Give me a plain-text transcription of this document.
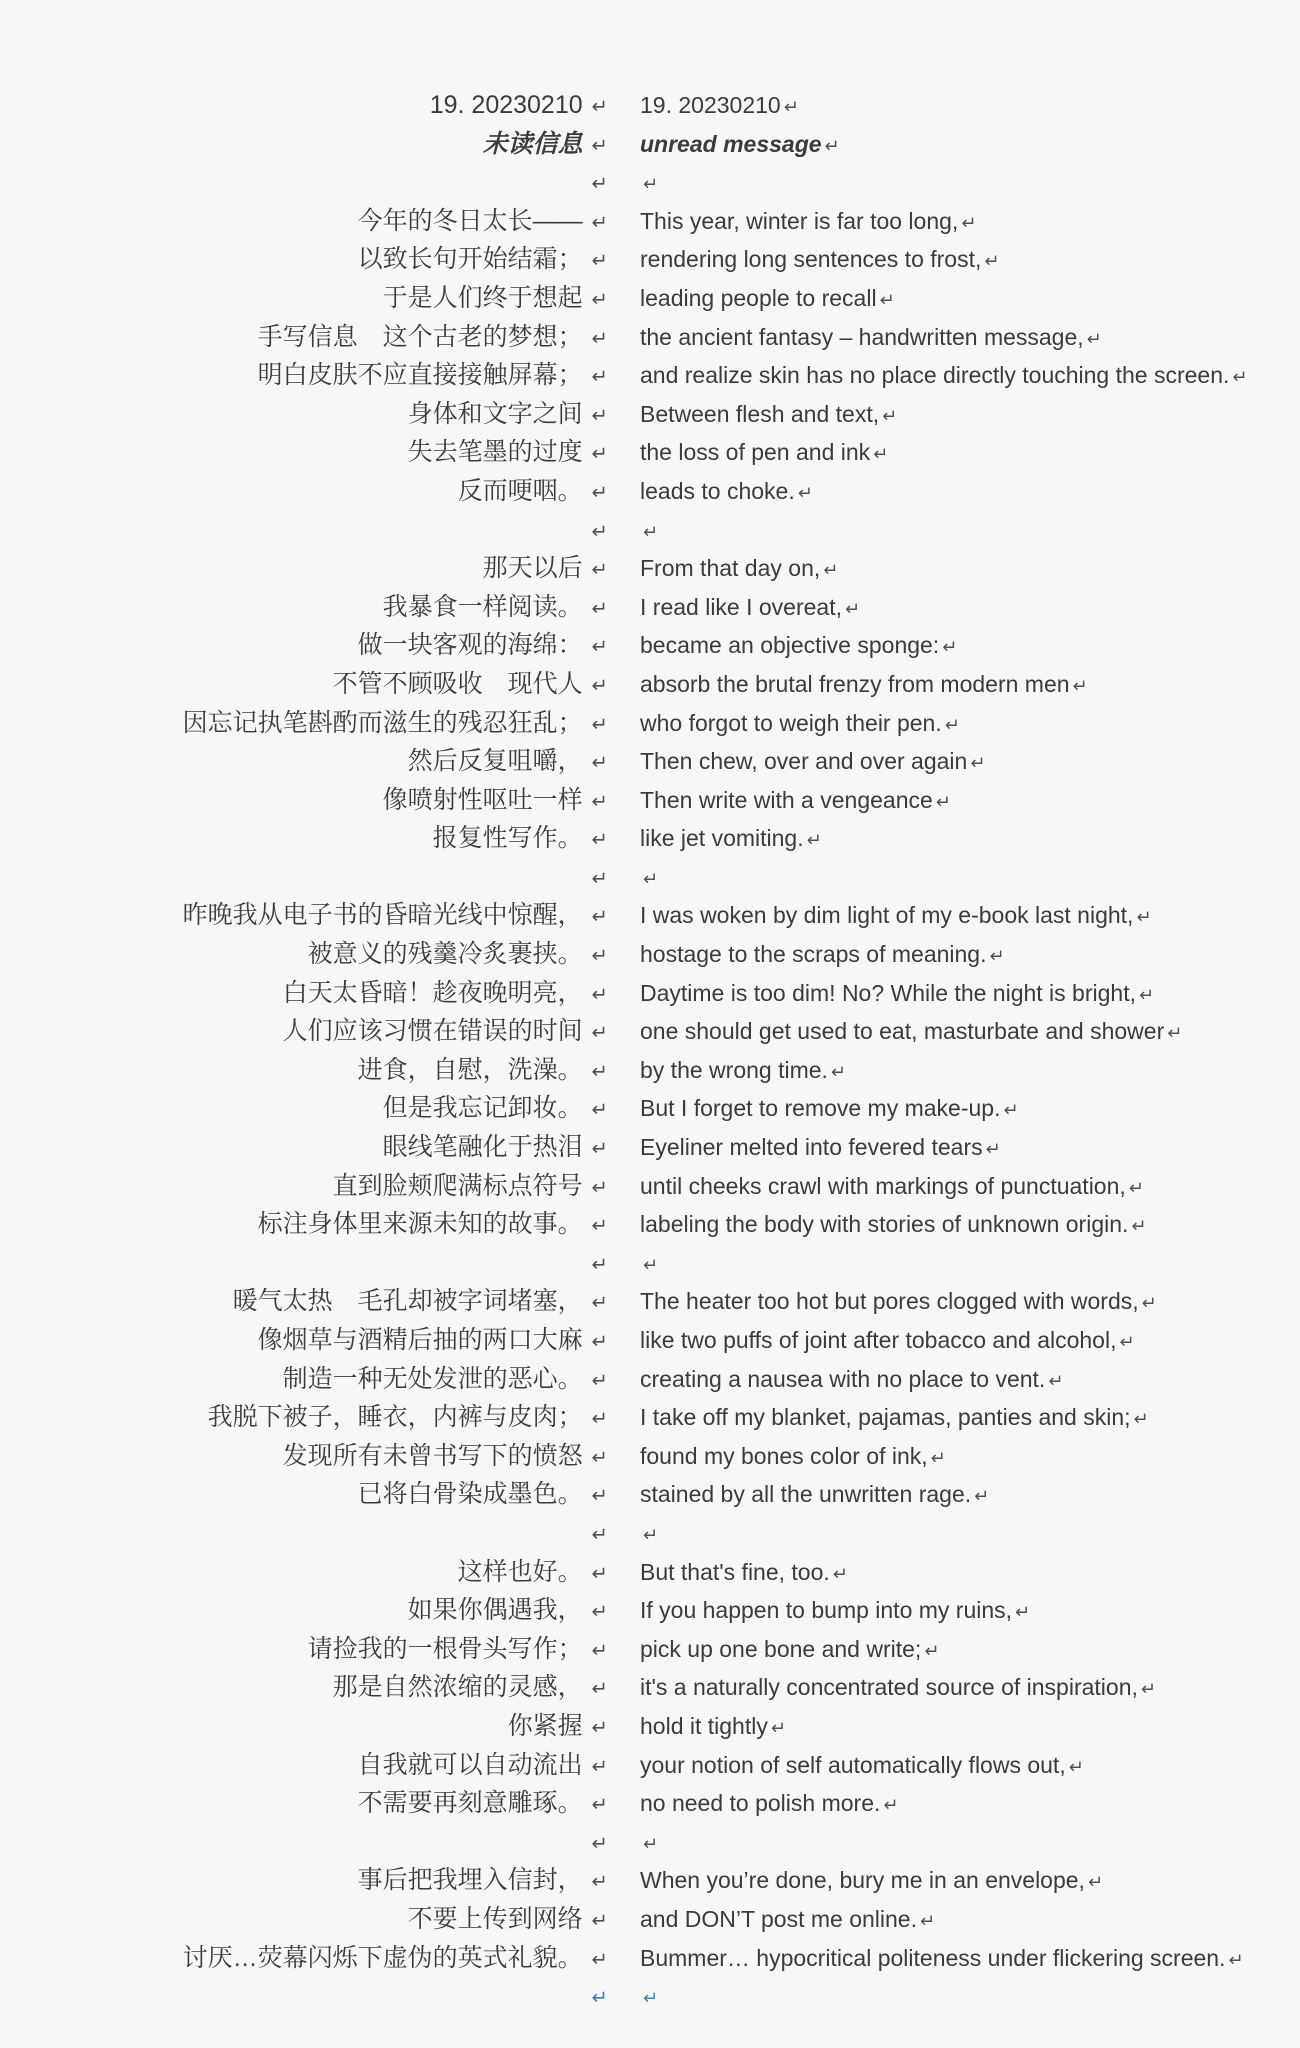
19. 20230210 ↵ 19. 20230210 ↵
未读信息 ↵ unread message ↵
↵ ↵
今年的冬日太长—— ↵ This year, winter is far too long, ↵
以致长句开始结霜； ↵ rendering long sentences to frost, ↵
于是人们终于想起 ↵ leading people to recall ↵
手写信息　这个古老的梦想； ↵ the ancient fantasy – handwritten message, ↵
明白皮肤不应直接接触屏幕； ↵ and realize skin has no place directly touching the screen. ↵
身体和文字之间 ↵ Between flesh and text, ↵
失去笔墨的过度 ↵ the loss of pen and ink ↵
反而哽咽。 ↵ leads to choke. ↵
↵ ↵
那天以后 ↵ From that day on, ↵
我暴食一样阅读。 ↵ I read like I overeat, ↵
做一块客观的海绵： ↵ became an objective sponge: ↵
不管不顾吸收　现代人 ↵ absorb the brutal frenzy from modern men ↵
因忘记执笔斟酌而滋生的残忍狂乱； ↵ who forgot to weigh their pen. ↵
然后反复咀嚼， ↵ Then chew, over and over again ↵
像喷射性呕吐一样 ↵ Then write with a vengeance ↵
报复性写作。 ↵ like jet vomiting. ↵
↵ ↵
昨晚我从电子书的昏暗光线中惊醒， ↵ I was woken by dim light of my e-book last night, ↵
被意义的残羹冷炙裹挟。 ↵ hostage to the scraps of meaning. ↵
白天太昏暗！趁夜晚明亮， ↵ Daytime is too dim! No? While the night is bright, ↵
人们应该习惯在错误的时间 ↵ one should get used to eat, masturbate and shower ↵
进食，自慰，洗澡。 ↵ by the wrong time. ↵
但是我忘记卸妆。 ↵ But I forget to remove my make-up. ↵
眼线笔融化于热泪 ↵ Eyeliner melted into fevered tears ↵
直到脸颊爬满标点符号 ↵ until cheeks crawl with markings of punctuation, ↵
标注身体里来源未知的故事。 ↵ labeling the body with stories of unknown origin. ↵
↵ ↵
暖气太热　毛孔却被字词堵塞， ↵ The heater too hot but pores clogged with words, ↵
像烟草与酒精后抽的两口大麻 ↵ like two puffs of joint after tobacco and alcohol, ↵
制造一种无处发泄的恶心。 ↵ creating a nausea with no place to vent. ↵
我脱下被子，睡衣，内裤与皮肉； ↵ I take off my blanket, pajamas, panties and skin; ↵
发现所有未曾书写下的愤怒 ↵ found my bones color of ink, ↵
已将白骨染成墨色。 ↵ stained by all the unwritten rage. ↵
↵ ↵
这样也好。 ↵ But that's fine, too. ↵
如果你偶遇我， ↵ If you happen to bump into my ruins, ↵
请捡我的一根骨头写作； ↵ pick up one bone and write; ↵
那是自然浓缩的灵感， ↵ it's a naturally concentrated source of inspiration, ↵
你紧握 ↵ hold it tightly ↵
自我就可以自动流出 ↵ your notion of self automatically flows out, ↵
不需要再刻意雕琢。 ↵ no need to polish more. ↵
↵ ↵
事后把我埋入信封， ↵ When you’re done, bury me in an envelope, ↵
不要上传到网络 ↵ and DON’T post me online. ↵
讨厌…荧幕闪烁下虚伪的英式礼貌。 ↵ Bummer… hypocritical politeness under flickering screen. ↵
↵ ↵
